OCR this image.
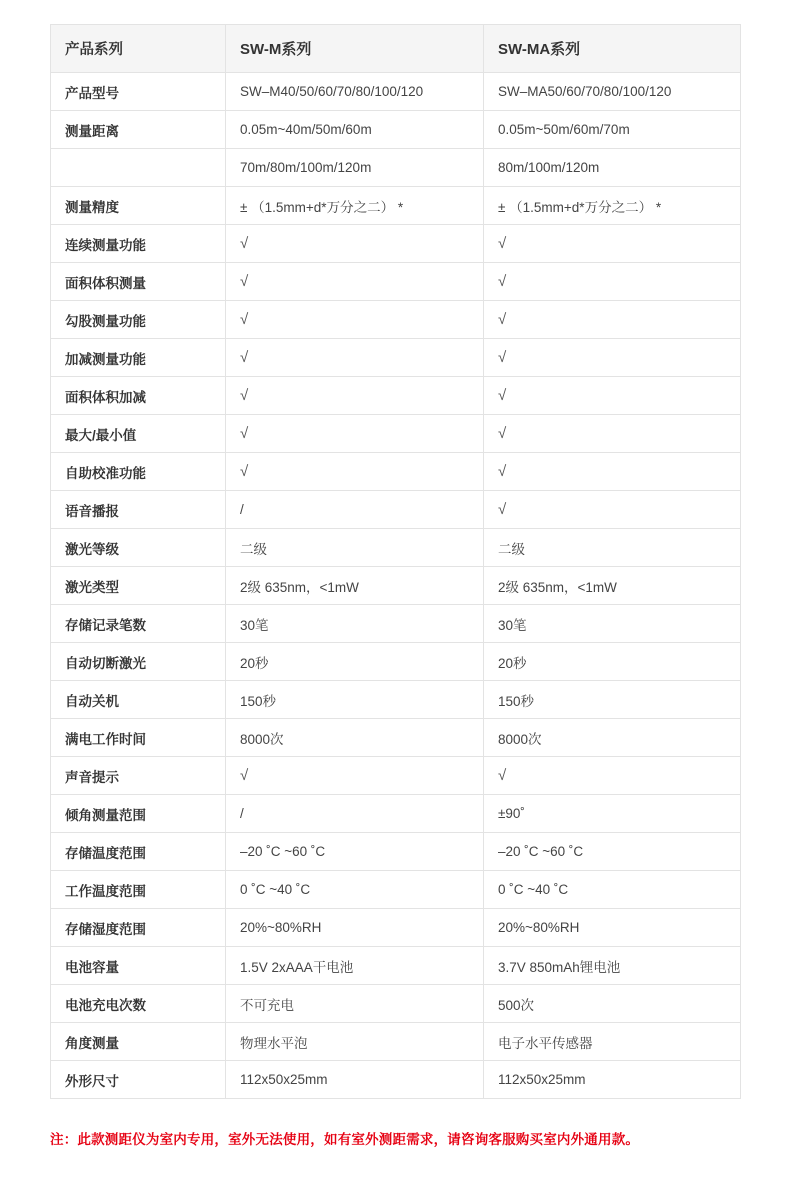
产品系列	SW-M系列	SW-MA系列
产品型号	SW–M40/50/60/70/80/100/120	SW–MA50/60/70/80/100/120
测量距离	0.05m~40m/50m/60m	0.05m~50m/60m/70m

	70m/80m/100m/120m	80m/100m/120m
测量精度	± （1.5mm+d*万分之二） *	± （1.5mm+d*万分之二） *
连续测量功能	√	√
面积体积测量	√	√
勾股测量功能	√	√
加减测量功能	√	√
面积体积加减	√	√
最大/最小值	√	√
自助校准功能	√	√
语音播报	/	√
激光等级	二级	二级
激光类型	2级 635nm，<1mW	2级 635nm，<1mW
存储记录笔数	30笔	30笔
自动切断激光	20秒	20秒
自动关机	150秒	150秒
满电工作时间	8000次	8000次
声音提示	√	√
倾角测量范围	/	±90˚
存储温度范围	–20 ˚C ~60 ˚C	–20 ˚C ~60 ˚C
工作温度范围	0 ˚C ~40 ˚C	0 ˚C ~40 ˚C
存储湿度范围	20%~80%RH	20%~80%RH
电池容量	1.5V 2xAAA干电池	3.7V 850mAh锂电池
电池充电次数	不可充电	500次
角度测量	物理水平泡	电子水平传感器
外形尺寸	112x50x25mm	112x50x25mm
注：此款测距仪为室内专用，室外无法使用，如有室外测距需求，请咨询客服购买室内外通用款。
